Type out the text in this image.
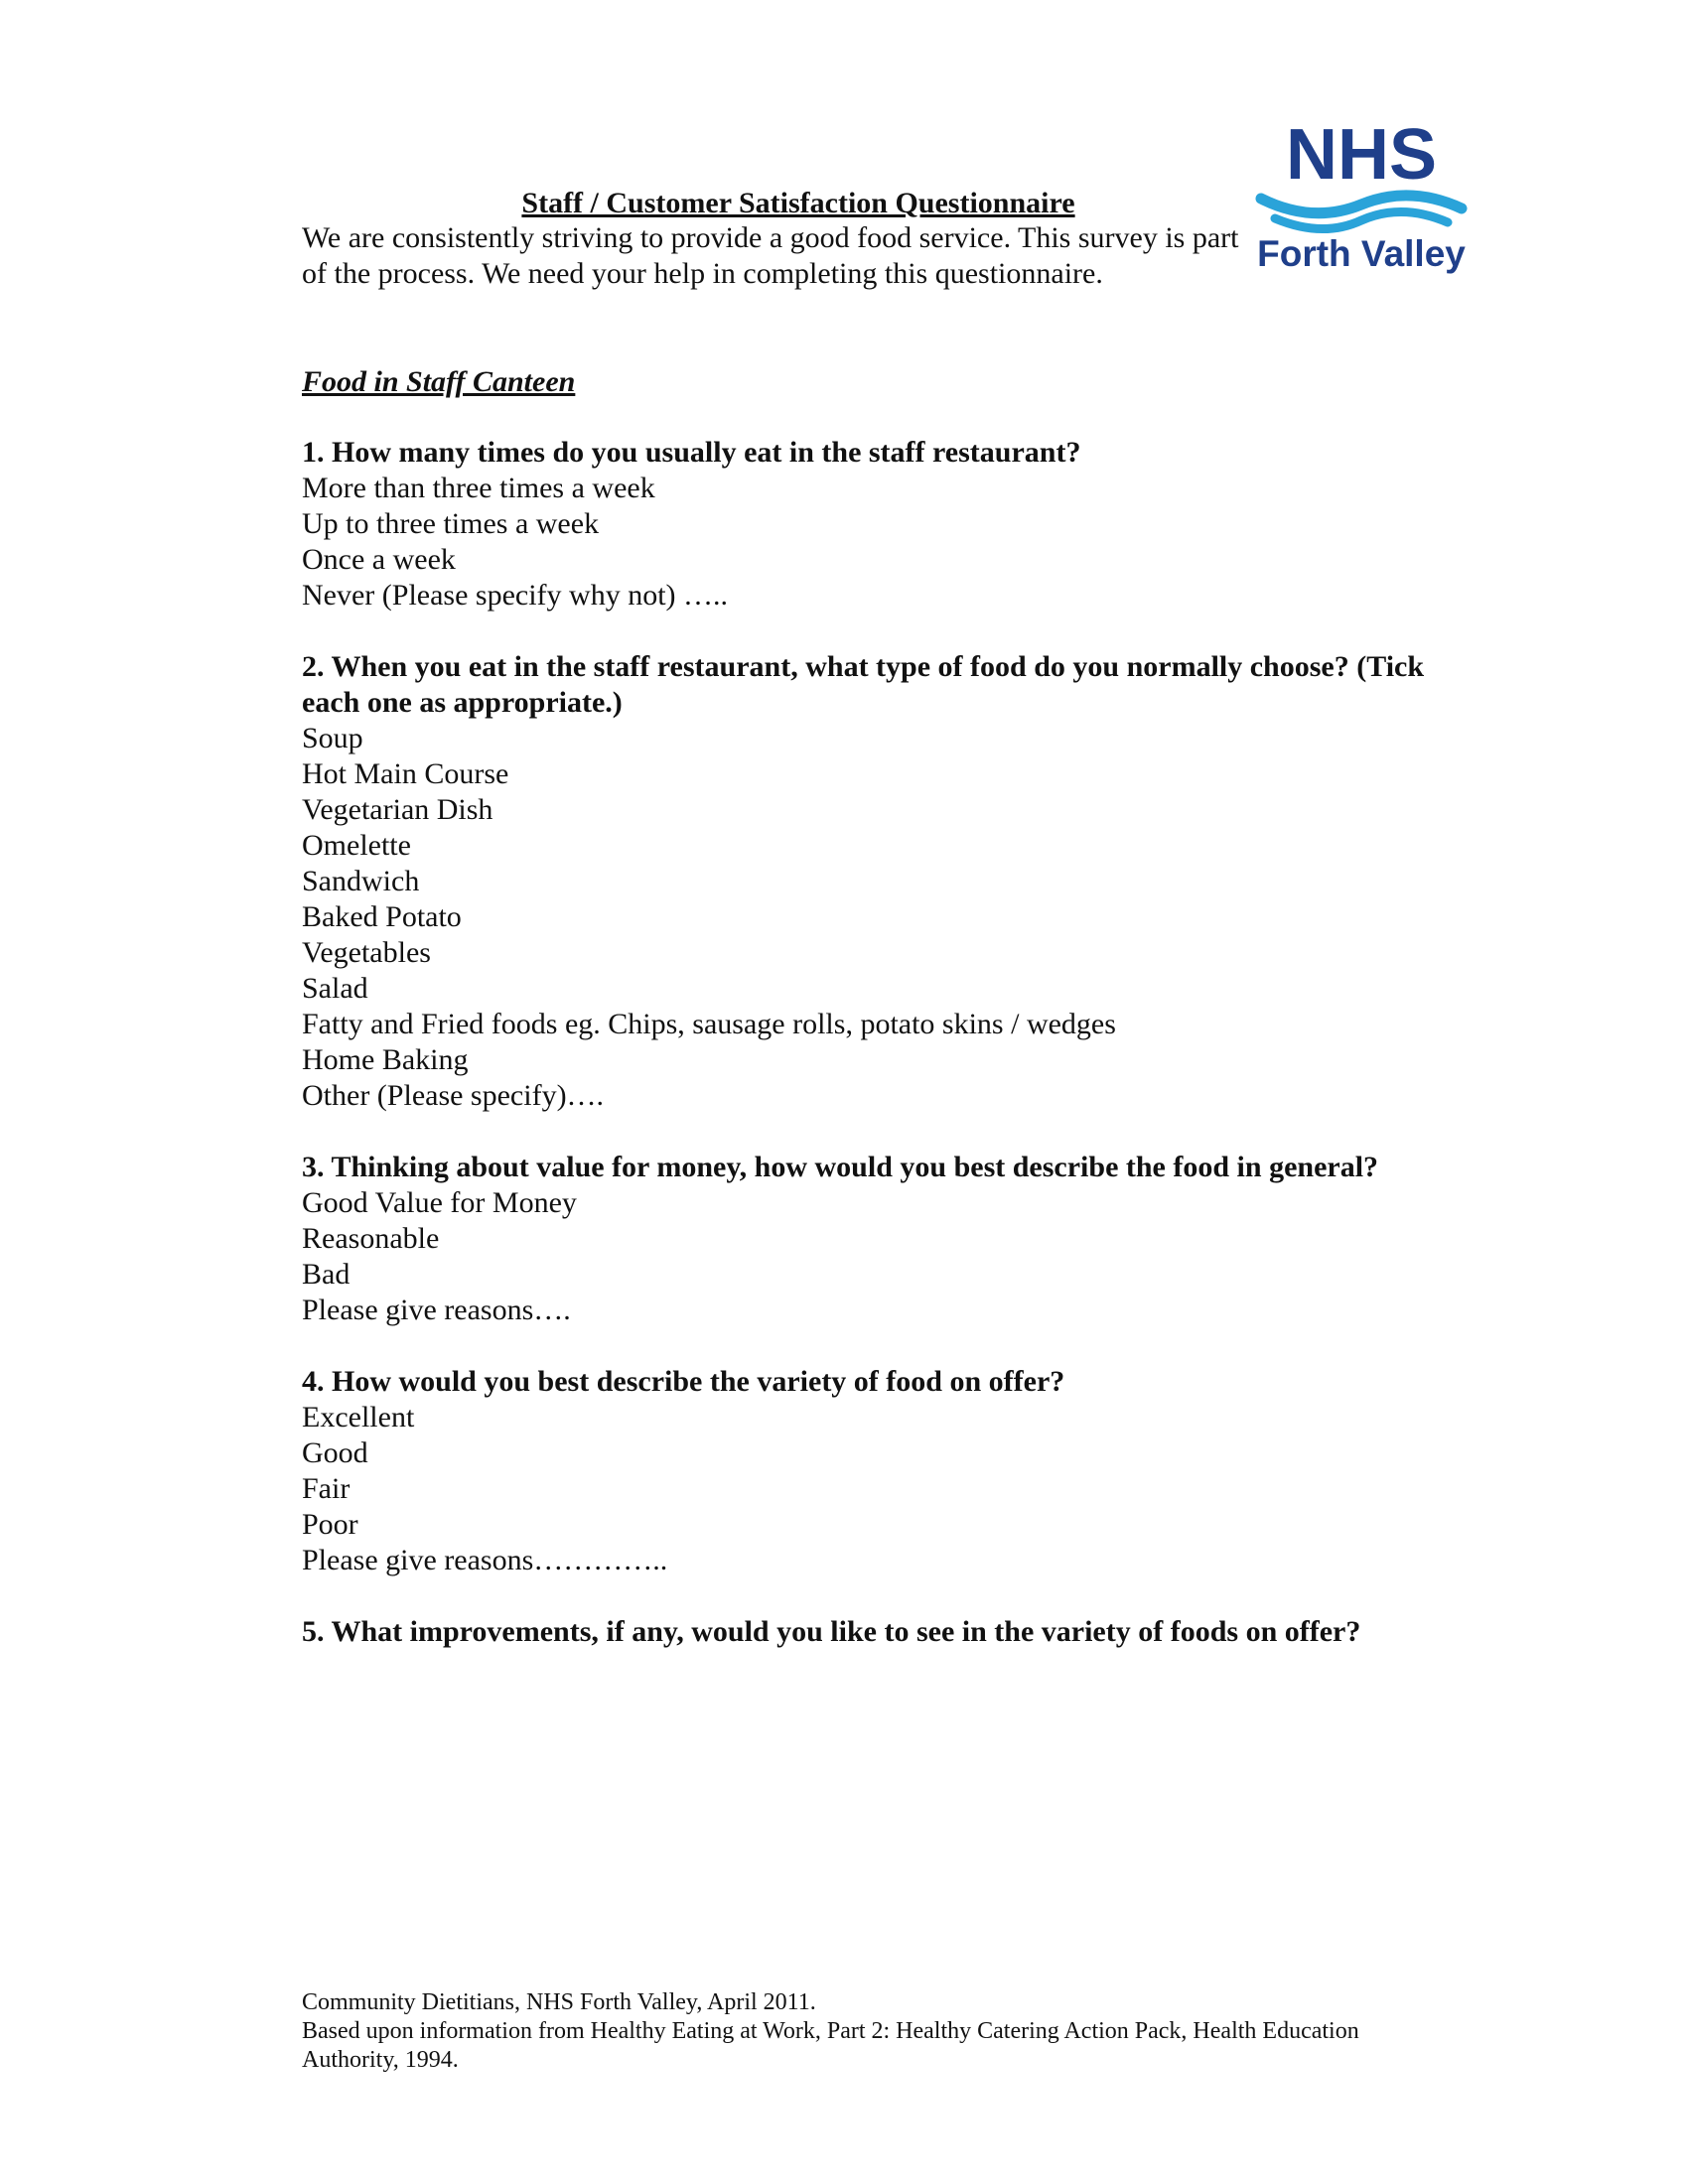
NHS
Forth Valley
Staff / Customer Satisfaction Questionnaire
We are consistently striving to provide a good food service. This survey is part of the process. We need your help in completing this questionnaire.
Food in Staff Canteen
1. How many times do you usually eat in the staff restaurant?
More than three times a week
Up to three times a week
Once a week
Never (Please specify why not) …..
2. When you eat in the staff restaurant, what type of food do you normally choose? (Tick each one as appropriate.)
Soup
Hot Main Course
Vegetarian Dish
Omelette
Sandwich
Baked Potato
Vegetables
Salad
Fatty and Fried foods eg. Chips, sausage rolls, potato skins / wedges
Home Baking
Other (Please specify)….
3. Thinking about value for money, how would you best describe the food in general?
Good Value for Money
Reasonable
Bad
Please give reasons….
4. How would you best describe the variety of food on offer?
Excellent
Good
Fair
Poor
Please give reasons…………..
5. What improvements, if any, would you like to see in the variety of foods on offer?
Community Dietitians, NHS Forth Valley, April 2011.
Based upon information from Healthy Eating at Work, Part 2: Healthy Catering Action Pack, Health Education Authority, 1994.
